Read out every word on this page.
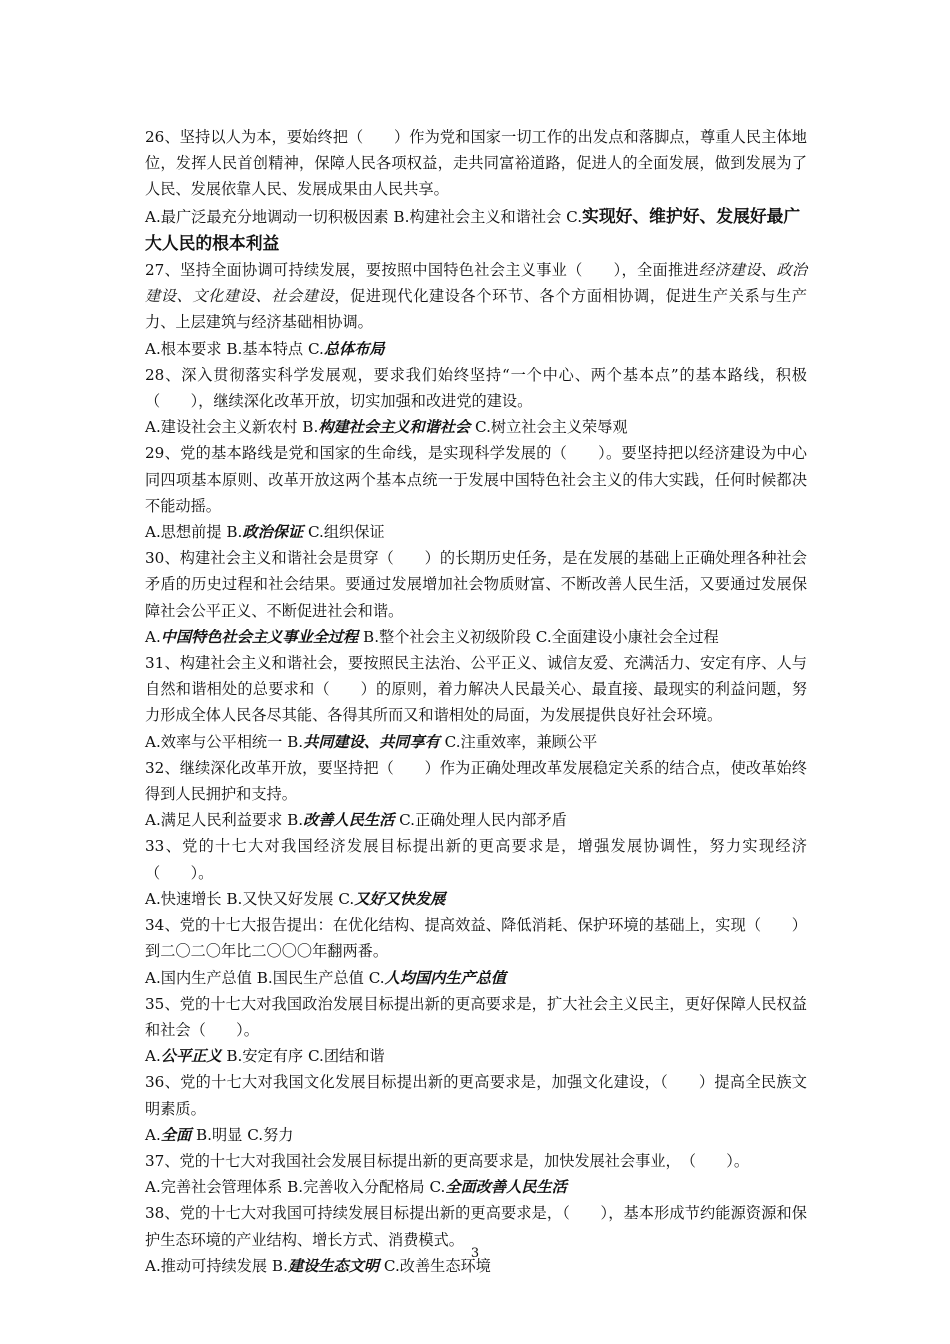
26、坚持以人为本，要始终把（　　）作为党和国家一切工作的出发点和落脚点，尊重人民主体地位，发挥人民首创精神，保障人民各项权益，走共同富裕道路，促进人的全面发展，做到发展为了人民、发展依靠人民、发展成果由人民共享。

A.最广泛最充分地调动一切积极因素 B.构建社会主义和谐社会 C.实现好、维护好、发展好最广大人民的根本利益

27、坚持全面协调可持续发展，要按照中国特色社会主义事业（　　），全面推进经济建设、政治建设、文化建设、社会建设，促进现代化建设各个环节、各个方面相协调，促进生产关系与生产力、上层建筑与经济基础相协调。

A.根本要求 B.基本特点 C.总体布局

28、深入贯彻落实科学发展观，要求我们始终坚持“一个中心、两个基本点”的基本路线，积极（　　），继续深化改革开放，切实加强和改进党的建设。

A.建设社会主义新农村 B.构建社会主义和谐社会 C.树立社会主义荣辱观

29、党的基本路线是党和国家的生命线，是实现科学发展的（　　）。要坚持把以经济建设为中心同四项基本原则、改革开放这两个基本点统一于发展中国特色社会主义的伟大实践，任何时候都决不能动摇。

A.思想前提 B.政治保证 C.组织保证

30、构建社会主义和谐社会是贯穿（　　）的长期历史任务，是在发展的基础上正确处理各种社会矛盾的历史过程和社会结果。要通过发展增加社会物质财富、不断改善人民生活，又要通过发展保障社会公平正义、不断促进社会和谐。

A.中国特色社会主义事业全过程 B.整个社会主义初级阶段 C.全面建设小康社会全过程

31、构建社会主义和谐社会，要按照民主法治、公平正义、诚信友爱、充满活力、安定有序、人与自然和谐相处的总要求和（　　）的原则，着力解决人民最关心、最直接、最现实的利益问题，努力形成全体人民各尽其能、各得其所而又和谐相处的局面，为发展提供良好社会环境。

A.效率与公平相统一 B.共同建设、共同享有 C.注重效率，兼顾公平

32、继续深化改革开放，要坚持把（　　）作为正确处理改革发展稳定关系的结合点，使改革始终得到人民拥护和支持。

A.满足人民利益要求 B.改善人民生活 C.正确处理人民内部矛盾

33、党的十七大对我国经济发展目标提出新的更高要求是，增强发展协调性，努力实现经济（　　）。

A.快速增长 B.又快又好发展 C.又好又快发展

34、党的十七大报告提出：在优化结构、提高效益、降低消耗、保护环境的基础上，实现（　　）到二〇二〇年比二〇〇〇年翻两番。

A.国内生产总值 B.国民生产总值 C.人均国内生产总值

35、党的十七大对我国政治发展目标提出新的更高要求是，扩大社会主义民主，更好保障人民权益和社会（　　）。

A.公平正义 B.安定有序 C.团结和谐

36、党的十七大对我国文化发展目标提出新的更高要求是，加强文化建设，（　　）提高全民族文明素质。

A.全面 B.明显 C.努力

37、党的十七大对我国社会发展目标提出新的更高要求是，加快发展社会事业，　（　　）。

A.完善社会管理体系 B.完善收入分配格局 C.全面改善人民生活

38、党的十七大对我国可持续发展目标提出新的更高要求是，（　　），基本形成节约能源资源和保护生态环境的产业结构、增长方式、消费模式。

A.推动可持续发展 B.建设生态文明 C.改善生态环境

3
